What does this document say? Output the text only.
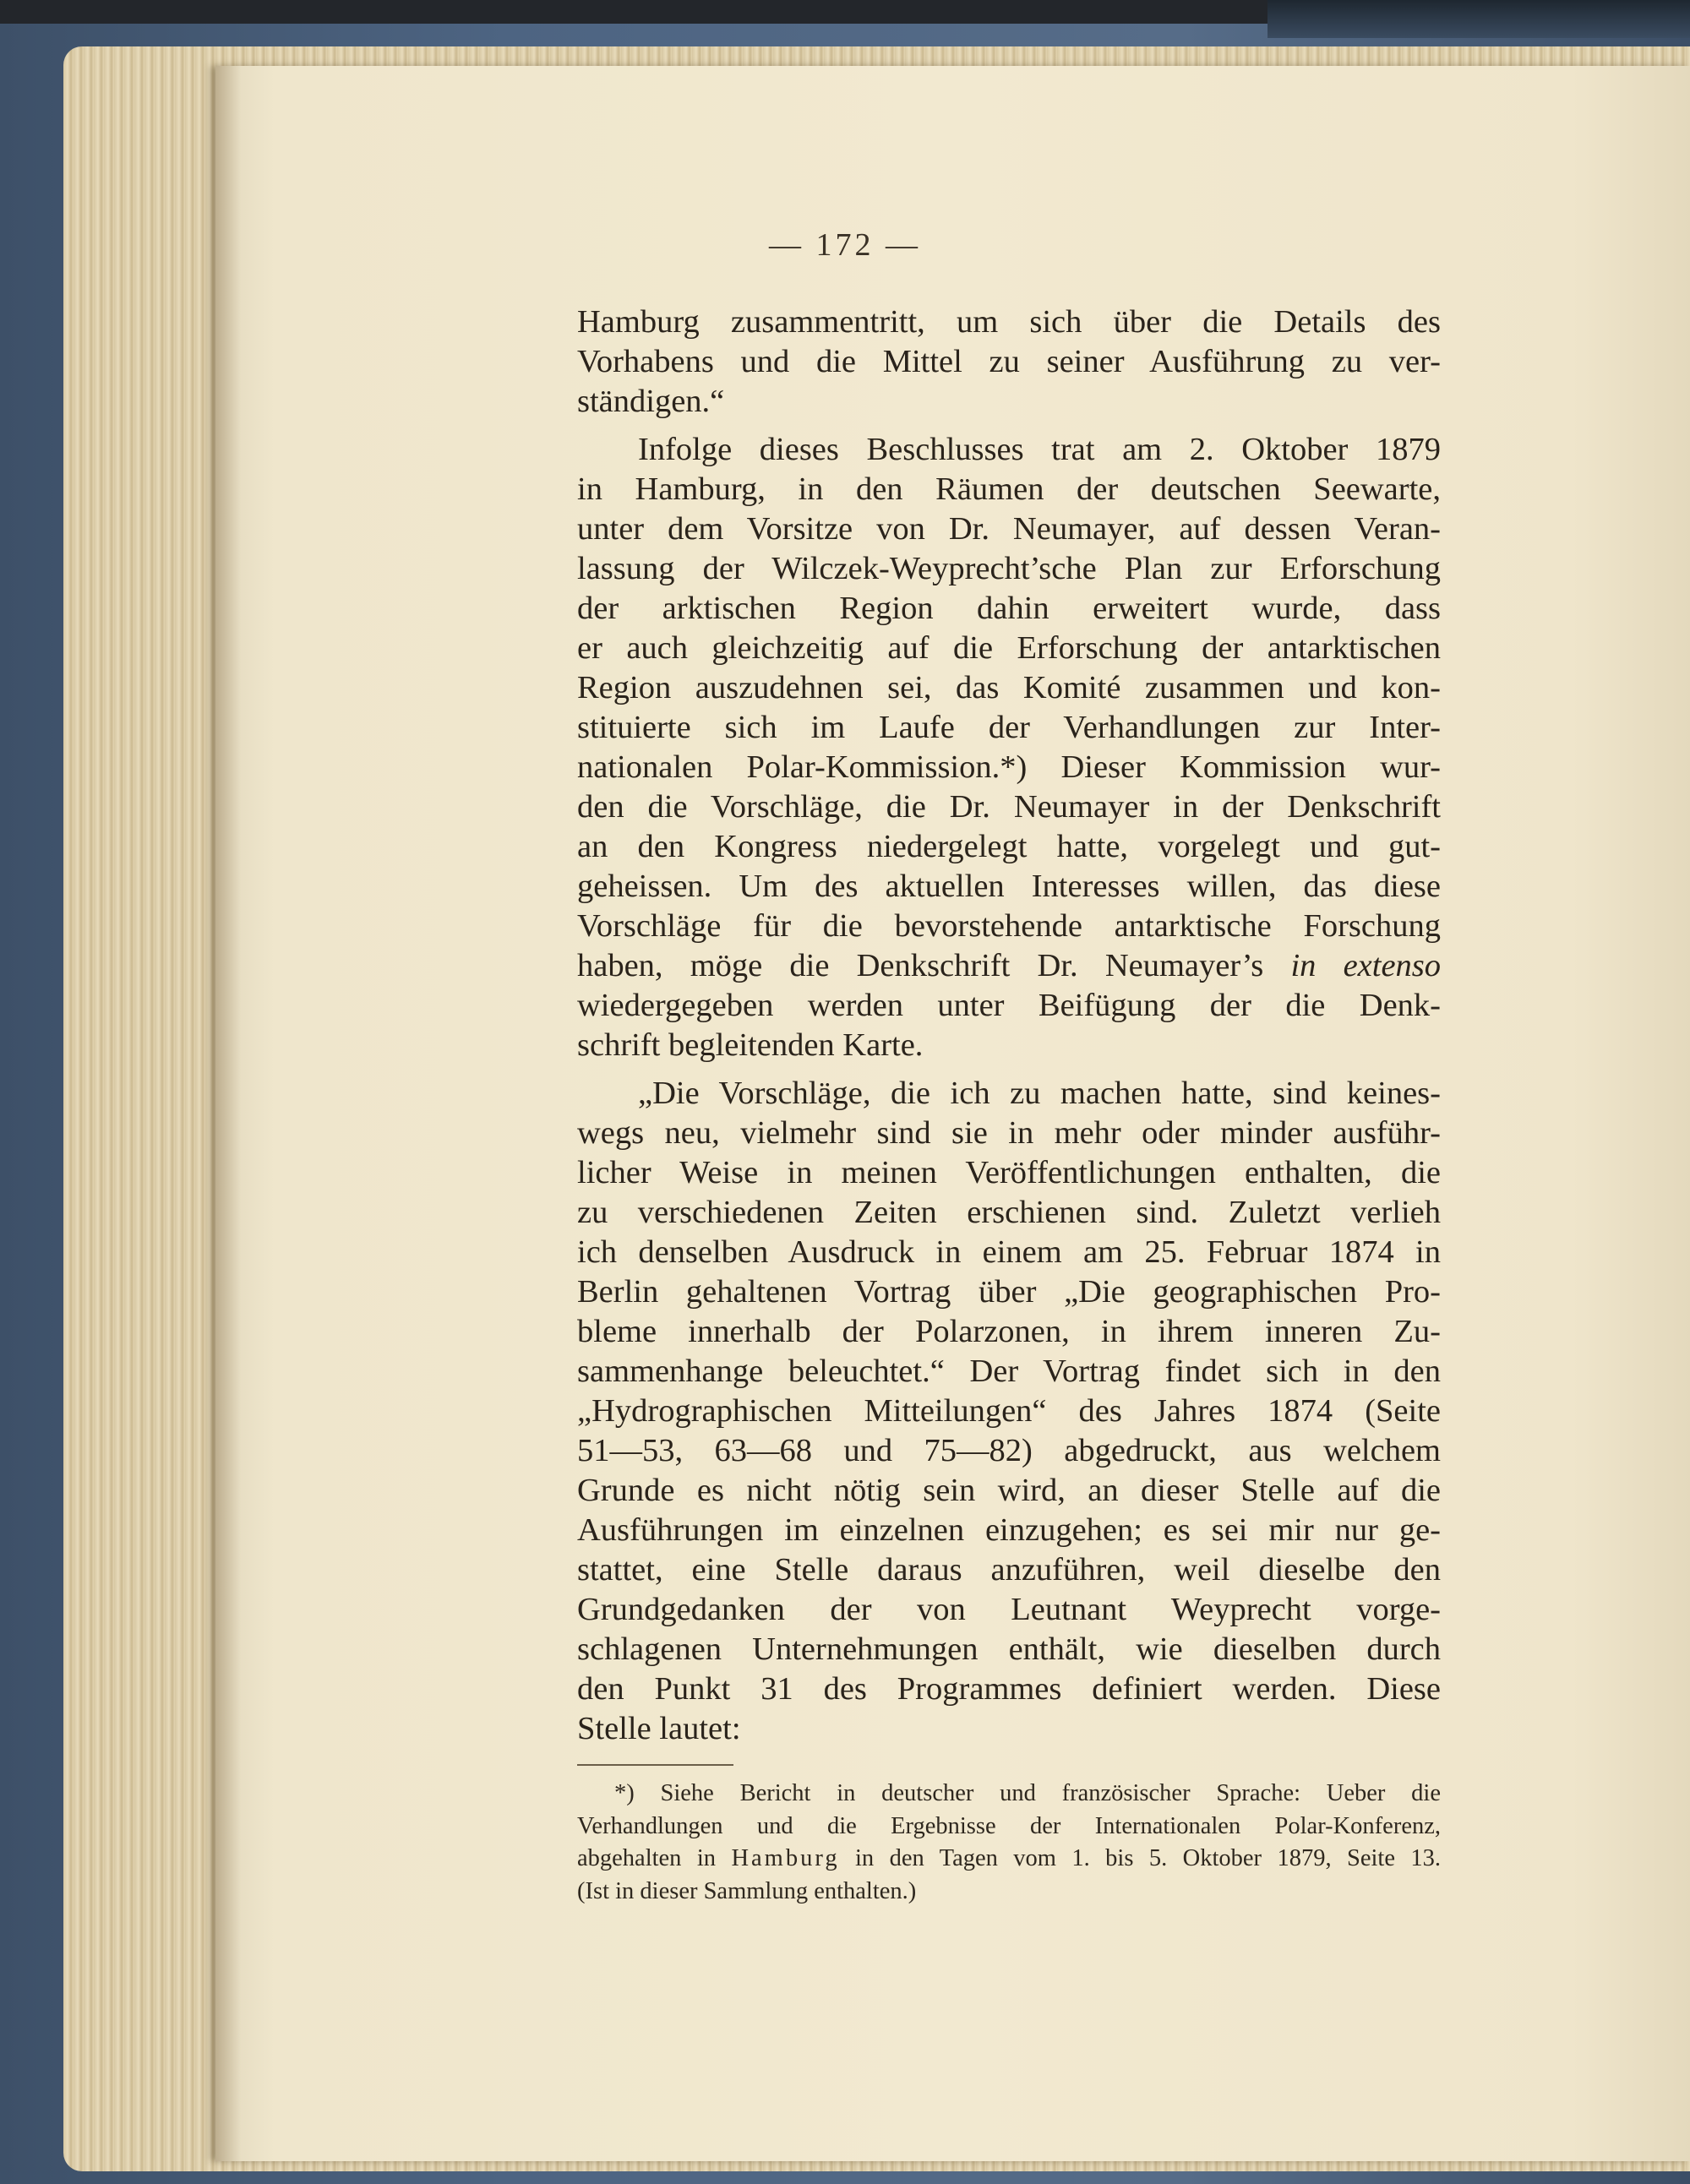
— 172 —

Hamburg zusammentritt, um sich über die Details des
Vorhabens und die Mittel zu seiner Ausführung zu ver-
ständigen.“

Infolge dieses Beschlusses trat am 2. Oktober 1879
in Hamburg, in den Räumen der deutschen Seewarte,
unter dem Vorsitze von Dr. Neumayer, auf dessen Veran-
lassung der Wilczek-Weyprecht’sche Plan zur Erforschung
der arktischen Region dahin erweitert wurde, dass
er auch gleichzeitig auf die Erforschung der antarktischen
Region auszudehnen sei, das Komité zusammen und kon-
stituierte sich im Laufe der Verhandlungen zur Inter-
nationalen Polar-Kommission.*) Dieser Kommission wur-
den die Vorschläge, die Dr. Neumayer in der Denkschrift
an den Kongress niedergelegt hatte, vorgelegt und gut-
geheissen. Um des aktuellen Interesses willen, das diese
Vorschläge für die bevorstehende antarktische Forschung
haben, möge die Denkschrift Dr. Neumayer’s in extenso
wiedergegeben werden unter Beifügung der die Denk-
schrift begleitenden Karte.

„Die Vorschläge, die ich zu machen hatte, sind keines-
wegs neu, vielmehr sind sie in mehr oder minder ausführ-
licher Weise in meinen Veröffentlichungen enthalten, die
zu verschiedenen Zeiten erschienen sind. Zuletzt verlieh
ich denselben Ausdruck in einem am 25. Februar 1874 in
Berlin gehaltenen Vortrag über „Die geographischen Pro-
bleme innerhalb der Polarzonen, in ihrem inneren Zu-
sammenhange beleuchtet.“ Der Vortrag findet sich in den
„Hydrographischen Mitteilungen“ des Jahres 1874 (Seite
51—53, 63—68 und 75—82) abgedruckt, aus welchem
Grunde es nicht nötig sein wird, an dieser Stelle auf die
Ausführungen im einzelnen einzugehen; es sei mir nur ge-
stattet, eine Stelle daraus anzuführen, weil dieselbe den
Grundgedanken der von Leutnant Weyprecht vorge-
schlagenen Unternehmungen enthält, wie dieselben durch
den Punkt 31 des Programmes definiert werden. Diese
Stelle lautet:

*) Siehe Bericht in deutscher und französischer Sprache: Ueber die
Verhandlungen und die Ergebnisse der Internationalen Polar-Konferenz,
abgehalten in Hamburg in den Tagen vom 1. bis 5. Oktober 1879, Seite 13.
(Ist in dieser Sammlung enthalten.)
